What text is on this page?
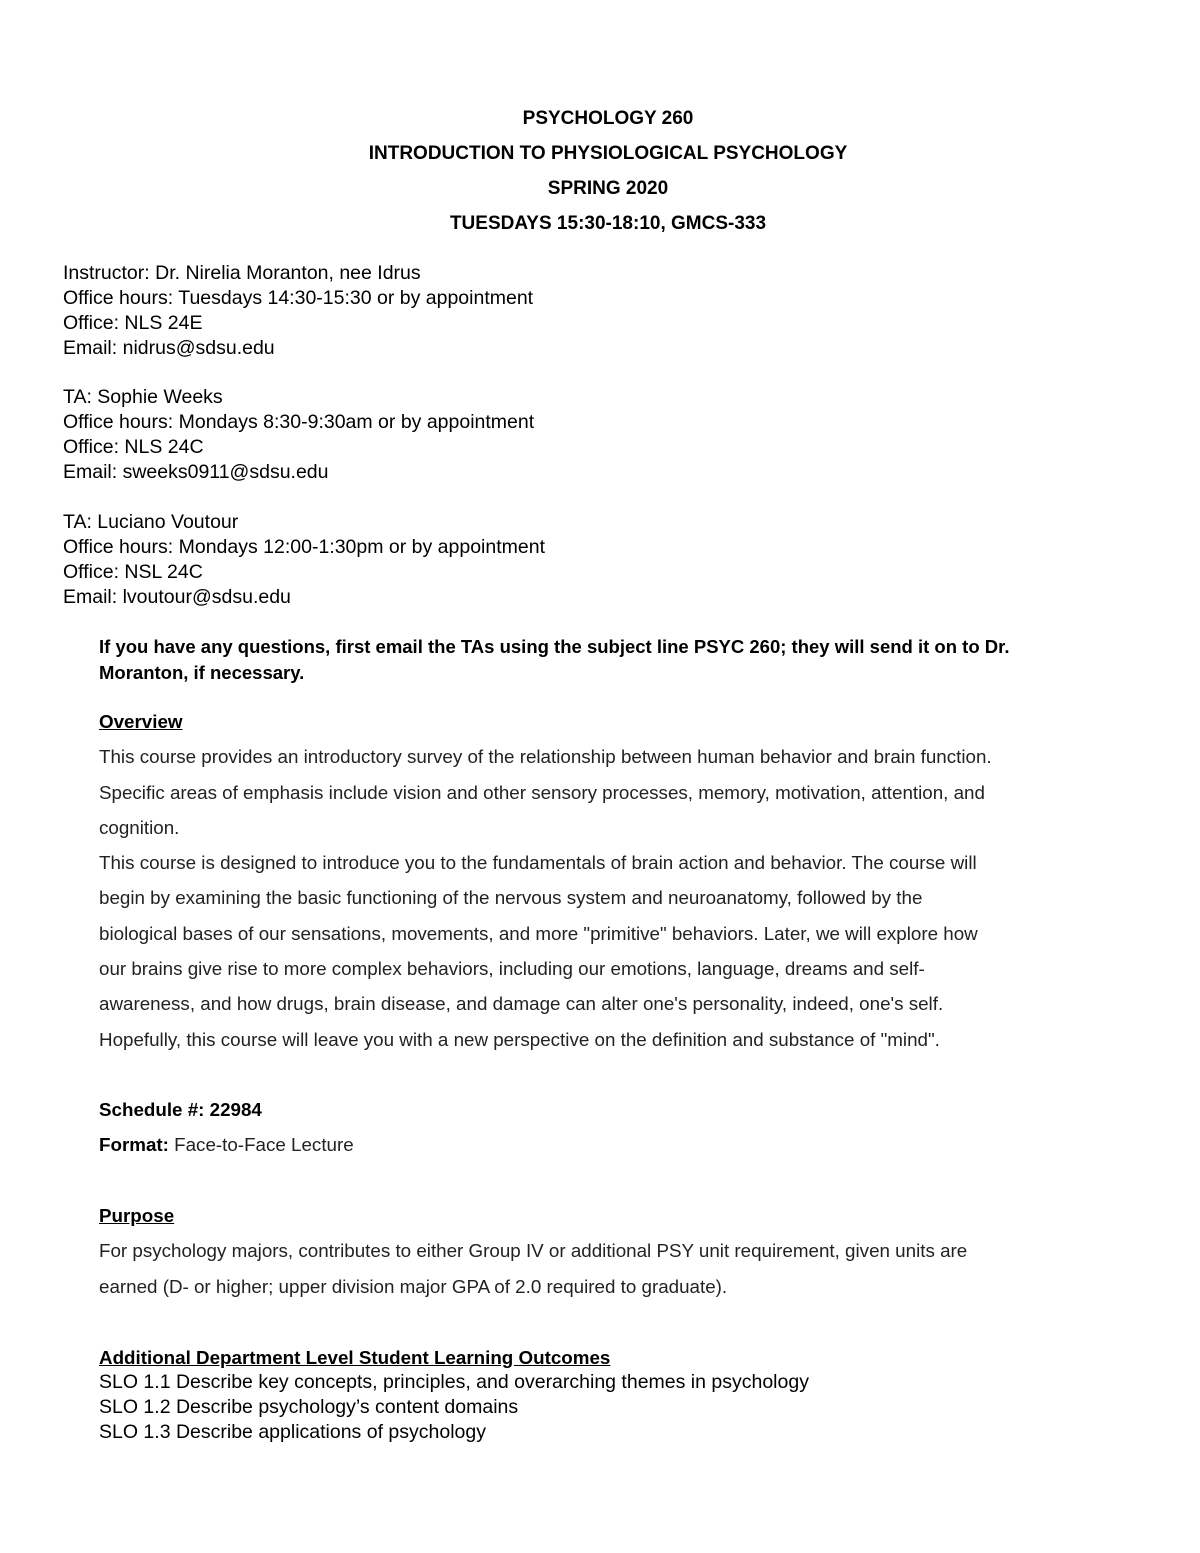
PSYCHOLOGY 260
INTRODUCTION TO PHYSIOLOGICAL PSYCHOLOGY
SPRING 2020
TUESDAYS 15:30-18:10, GMCS-333
Instructor: Dr. Nirelia Moranton, nee Idrus
Office hours: Tuesdays 14:30-15:30 or by appointment
Office: NLS 24E
Email: nidrus@sdsu.edu
TA: Sophie Weeks
Office hours: Mondays 8:30-9:30am or by appointment
Office: NLS 24C
Email: sweeks0911@sdsu.edu
TA: Luciano Voutour
Office hours: Mondays 12:00-1:30pm or by appointment
Office: NSL 24C
Email: lvoutour@sdsu.edu
If you have any questions, first email the TAs using the subject line PSYC 260; they will send it on to Dr.
Moranton, if necessary.
Overview
This course provides an introductory survey of the relationship between human behavior and brain function.
Specific areas of emphasis include vision and other sensory processes, memory, motivation, attention, and
cognition.
This course is designed to introduce you to the fundamentals of brain action and behavior. The course will
begin by examining the basic functioning of the nervous system and neuroanatomy, followed by the
biological bases of our sensations, movements, and more "primitive" behaviors. Later, we will explore how
our brains give rise to more complex behaviors, including our emotions, language, dreams and self-
awareness, and how drugs, brain disease, and damage can alter one's personality, indeed, one's self.
Hopefully, this course will leave you with a new perspective on the definition and substance of "mind".
Schedule #: 22984
Format: Face-to-Face Lecture
Purpose
For psychology majors, contributes to either Group IV or additional PSY unit requirement, given units are
earned (D- or higher; upper division major GPA of 2.0 required to graduate).
Additional Department Level Student Learning Outcomes
SLO 1.1 Describe key concepts, principles, and overarching themes in psychology
SLO 1.2 Describe psychology’s content domains
SLO 1.3 Describe applications of psychology
